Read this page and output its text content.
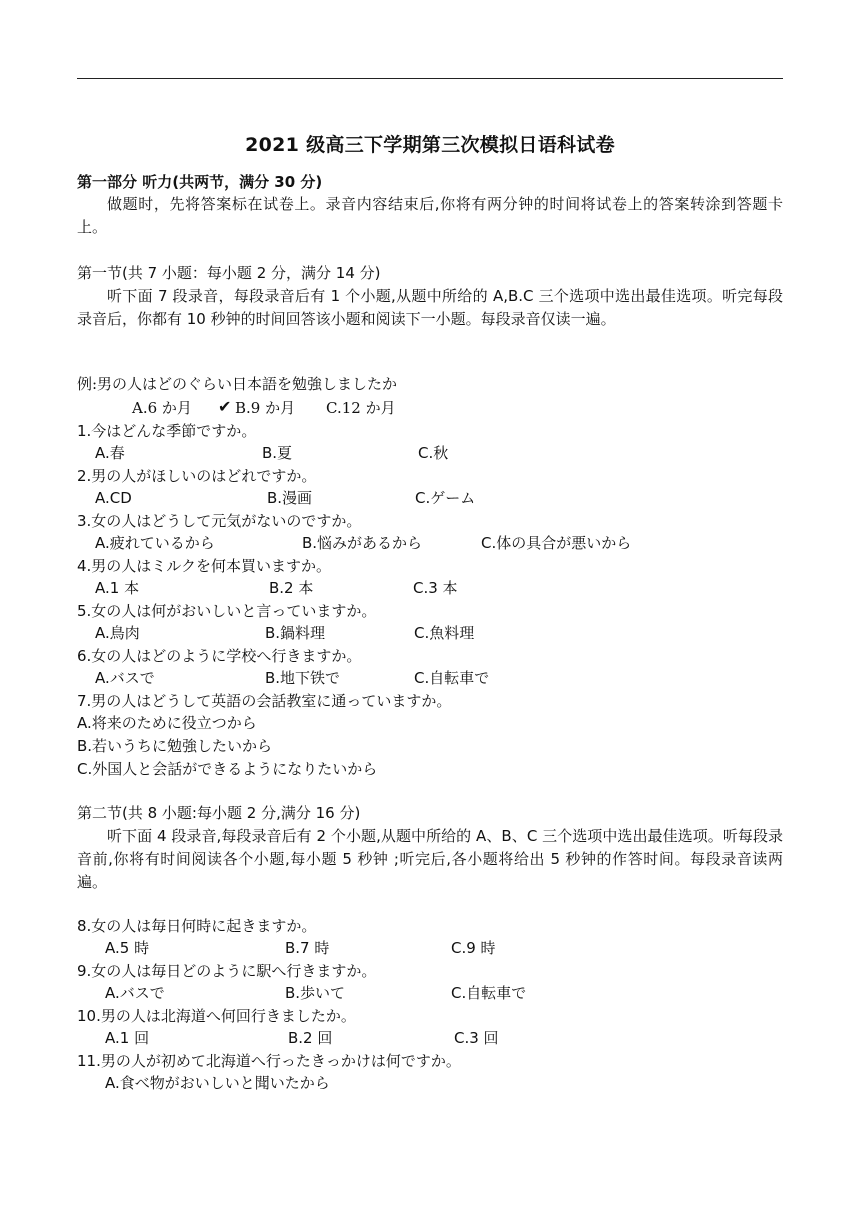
2021 级高三下学期第三次模拟日语科试卷
第一部分 听力(共两节，满分 30 分)
做题时，先将答案标在试卷上。录音内容结束后,你将有两分钟的时间将试卷上的答案转涂到答题卡上。
第一节(共 7 小题：每小题 2 分，满分 14 分)
听下面 7 段录音，每段录音后有 1 个小题,从题中所给的 A,B.C 三个选项中选出最佳选项。听完每段录音后，你都有 10 秒钟的时间回答该小题和阅读下一小题。每段录音仅读一遍。
例:男の人はどのぐらい日本語を勉強しましたか
A.6 か月 ✔ B.9 か月 C.12 か月
1.今はどんな季節ですか。
A.春	B.夏	C.秋
2.男の人がほしいのはどれですか。
A.CD	B.漫画	C.ゲーム
3.女の人はどうして元気がないのですか。
A.疲れているから	B.悩みがあるから	C.体の具合が悪いから
4.男の人はミルクを何本買いますか。
A.1 本	B.2 本	C.3 本
5.女の人は何がおいしいと言っていますか。
A.鳥肉	B.鍋料理	C.魚料理
6.女の人はどのように学校へ行きますか。
A.バスで	B.地下铁で	C.自転車で
7.男の人はどうして英語の会話教室に通っていますか。
A.将来のために役立つから
B.若いうちに勉強したいから
C.外国人と会話ができるようになりたいから
第二节(共 8 小题:每小题 2 分,满分 16 分)
听下面 4 段录音,每段录音后有 2 个小题,从题中所给的 A、B、C 三个选项中选出最佳选项。听每段录音前,你将有时间阅读各个小题,每小题 5 秒钟 ;听完后,各小题将给出 5 秒钟的作答时间。每段录音读两遍。
8.女の人は毎日何時に起きますか。
A.5 時	B.7 時	C.9 時
9.女の人は毎日どのように駅へ行きますか。
A.バスで	B.歩いて	C.自転車で
10.男の人は北海道へ何回行きましたか。
A.1 回	B.2 回	C.3 回
11.男の人が初めて北海道へ行ったきっかけは何ですか。
A.食べ物がおいしいと聞いたから
